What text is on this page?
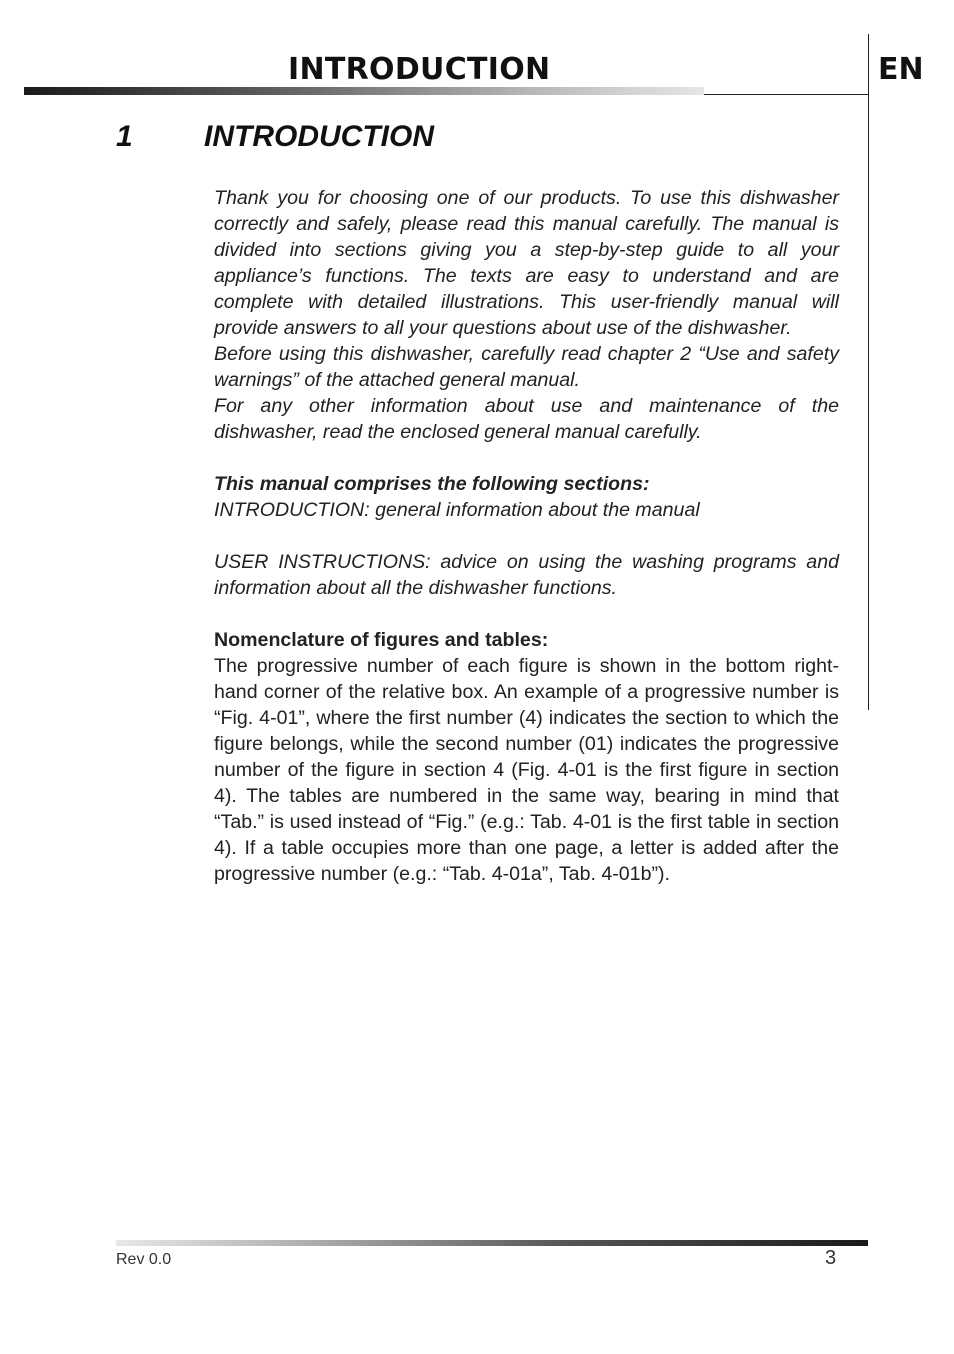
INTRODUCTION	EN
1 INTRODUCTION

Thank you for choosing one of our products. To use this dishwasher correctly and safely, please read this manual carefully. The manual is divided into sections giving you a step-by-step guide to all your appliance’s functions. The texts are easy to understand and are complete with detailed illustrations. This user-friendly manual will provide answers to all your questions about use of the dishwasher.

Before using this dishwasher, carefully read chapter 2 “Use and safety warnings” of the attached general manual.

For any other information about use and maintenance of the dishwasher, read the enclosed general manual carefully.

This manual comprises the following sections:

INTRODUCTION: general information about the manual

USER INSTRUCTIONS: advice on using the washing programs and information about all the dishwasher functions.

Nomenclature of figures and tables:

The progressive number of each figure is shown in the bottom right-hand corner of the relative box. An example of a progressive number is “Fig. 4-01”, where the first number (4) indicates the section to which the figure belongs, while the second number (01) indicates the progressive number of the figure in section 4 (Fig. 4-01 is the first figure in section 4). The tables are numbered in the same way, bearing in mind that “Tab.” is used instead of “Fig.” (e.g.: Tab. 4-01 is the first table in section 4). If a table occupies more than one page, a letter is added after the progressive number (e.g.: “Tab. 4-01a”, Tab. 4-01b”).

Rev 0.0	3
